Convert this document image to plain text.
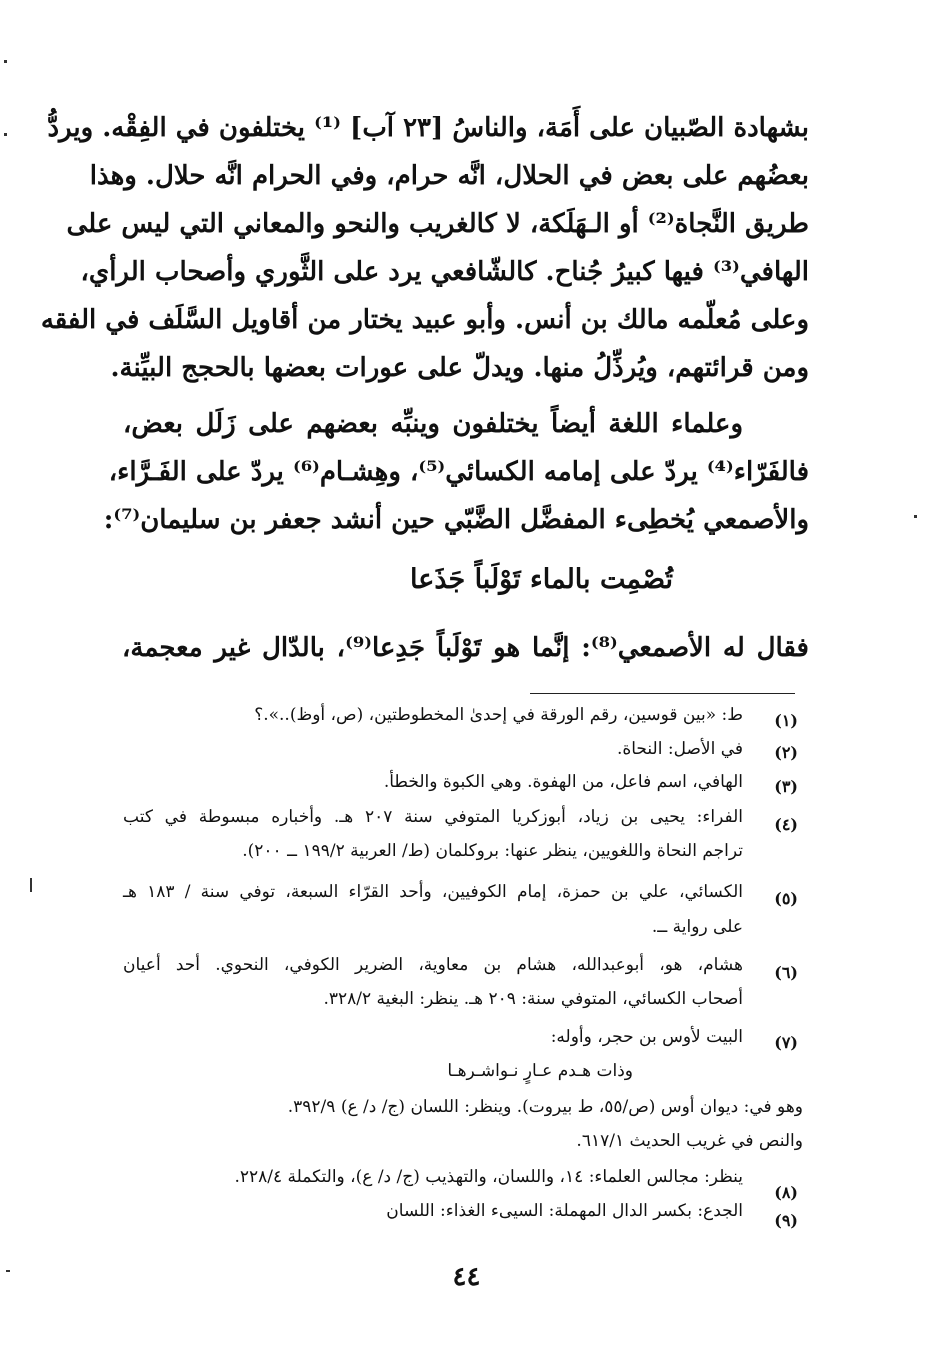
بشهادة الصّبيان على أَمَة، والناسُ [٢٣ آب] ⁽¹⁾ يختلفون في الفِقْه. ويردُّ
بعضُهم على بعض في الحلال، انَّه حرام، وفي الحرام انَّه حلال. وهذا
طريق النَّجاة⁽²⁾ أو الـهَلَكة، لا كالغريب والنحو والمعاني التي ليس على
الهافي⁽³⁾ فيها كبيرُ جُناح. كالشّافعي يرد على الثَّوري وأصحاب الرأي،
وعلى مُعلّمه مالك بن أنس. وأبو عبيد يختار من أقاويل السَّلَف في الفقه
ومن قرائتهم، ويُرذِّلُ منها. ويدلّ على عورات بعضها بالحجج البيِّنة.
وعلماء اللغة أيضاً يختلفون وينبِّه بعضهم على زَلَل بعض،
فالفَرّاء⁽⁴⁾ يردّ على إمامه الكسائي⁽⁵⁾، وهِشـام⁽⁶⁾ يردّ على الفَـرَّاء،
والأصمعي يُخطِىء المفضَّل الضَّبّي حين أنشد جعفر بن سليمان⁽⁷⁾:
تُصْمِت بالماء تَوْلَباً جَذَعا
فقال له الأصمعي⁽⁸⁾: إنَّما هو تَوْلَباً جَدِعا⁽⁹⁾، بالدّال غير معجمة،
(١)
ط: «بين قوسين، رقم الورقة في إحدىٰ المخطوطتين، (ص، أوظ)..».؟
(٢)
في الأصل: النحاة.
(٣)
الهافي، اسم فاعل، من الهفوة. وهي الكبوة والخطأ.
(٤)
الفراء: يحيى بن زياد، أبوزكريا المتوفي سنة ٢٠٧ هـ. وأخباره مبسوطة في كتب
تراجم النحاة واللغويين، ينظر عنها: بروكلمان (ط/ العربية ١٩٩/٢ ــ ٢٠٠).
(٥)
الكسائي، علي بن حمزة، إمام الكوفيين، وأحد القرّاء السبعة، توفي سنة / ١٨٣ هـ
على رواية ــ.
(٦)
هشام، هو، أبوعبدالله، هشام بن معاوية، الضرير الكوفي، النحوي. أحد أعيان
أصحاب الكسائي، المتوفي سنة: ٢٠٩ هـ. ينظر: البغية ٣٢٨/٢.
(٧)
البيت لأوس بن حجر، وأوله:
وذات هـدم عـارٍ نـواشـرهـا
وهو في: ديوان أوس (ص/٥٥، ط بيروت). وينظر: اللسان (ج/ د/ ع) ٣٩٢/٩.
والنص في غريب الحديث ٦١٧/١.
(٨)
ينظر: مجالس العلماء: ١٤، واللسان، والتهذيب (ج/ د/ ع)، والتكملة ٢٢٨/٤.
(٩)
الجدع: بكسر الدال المهملة: السيىء الغذاء: اللسان
٤٤
